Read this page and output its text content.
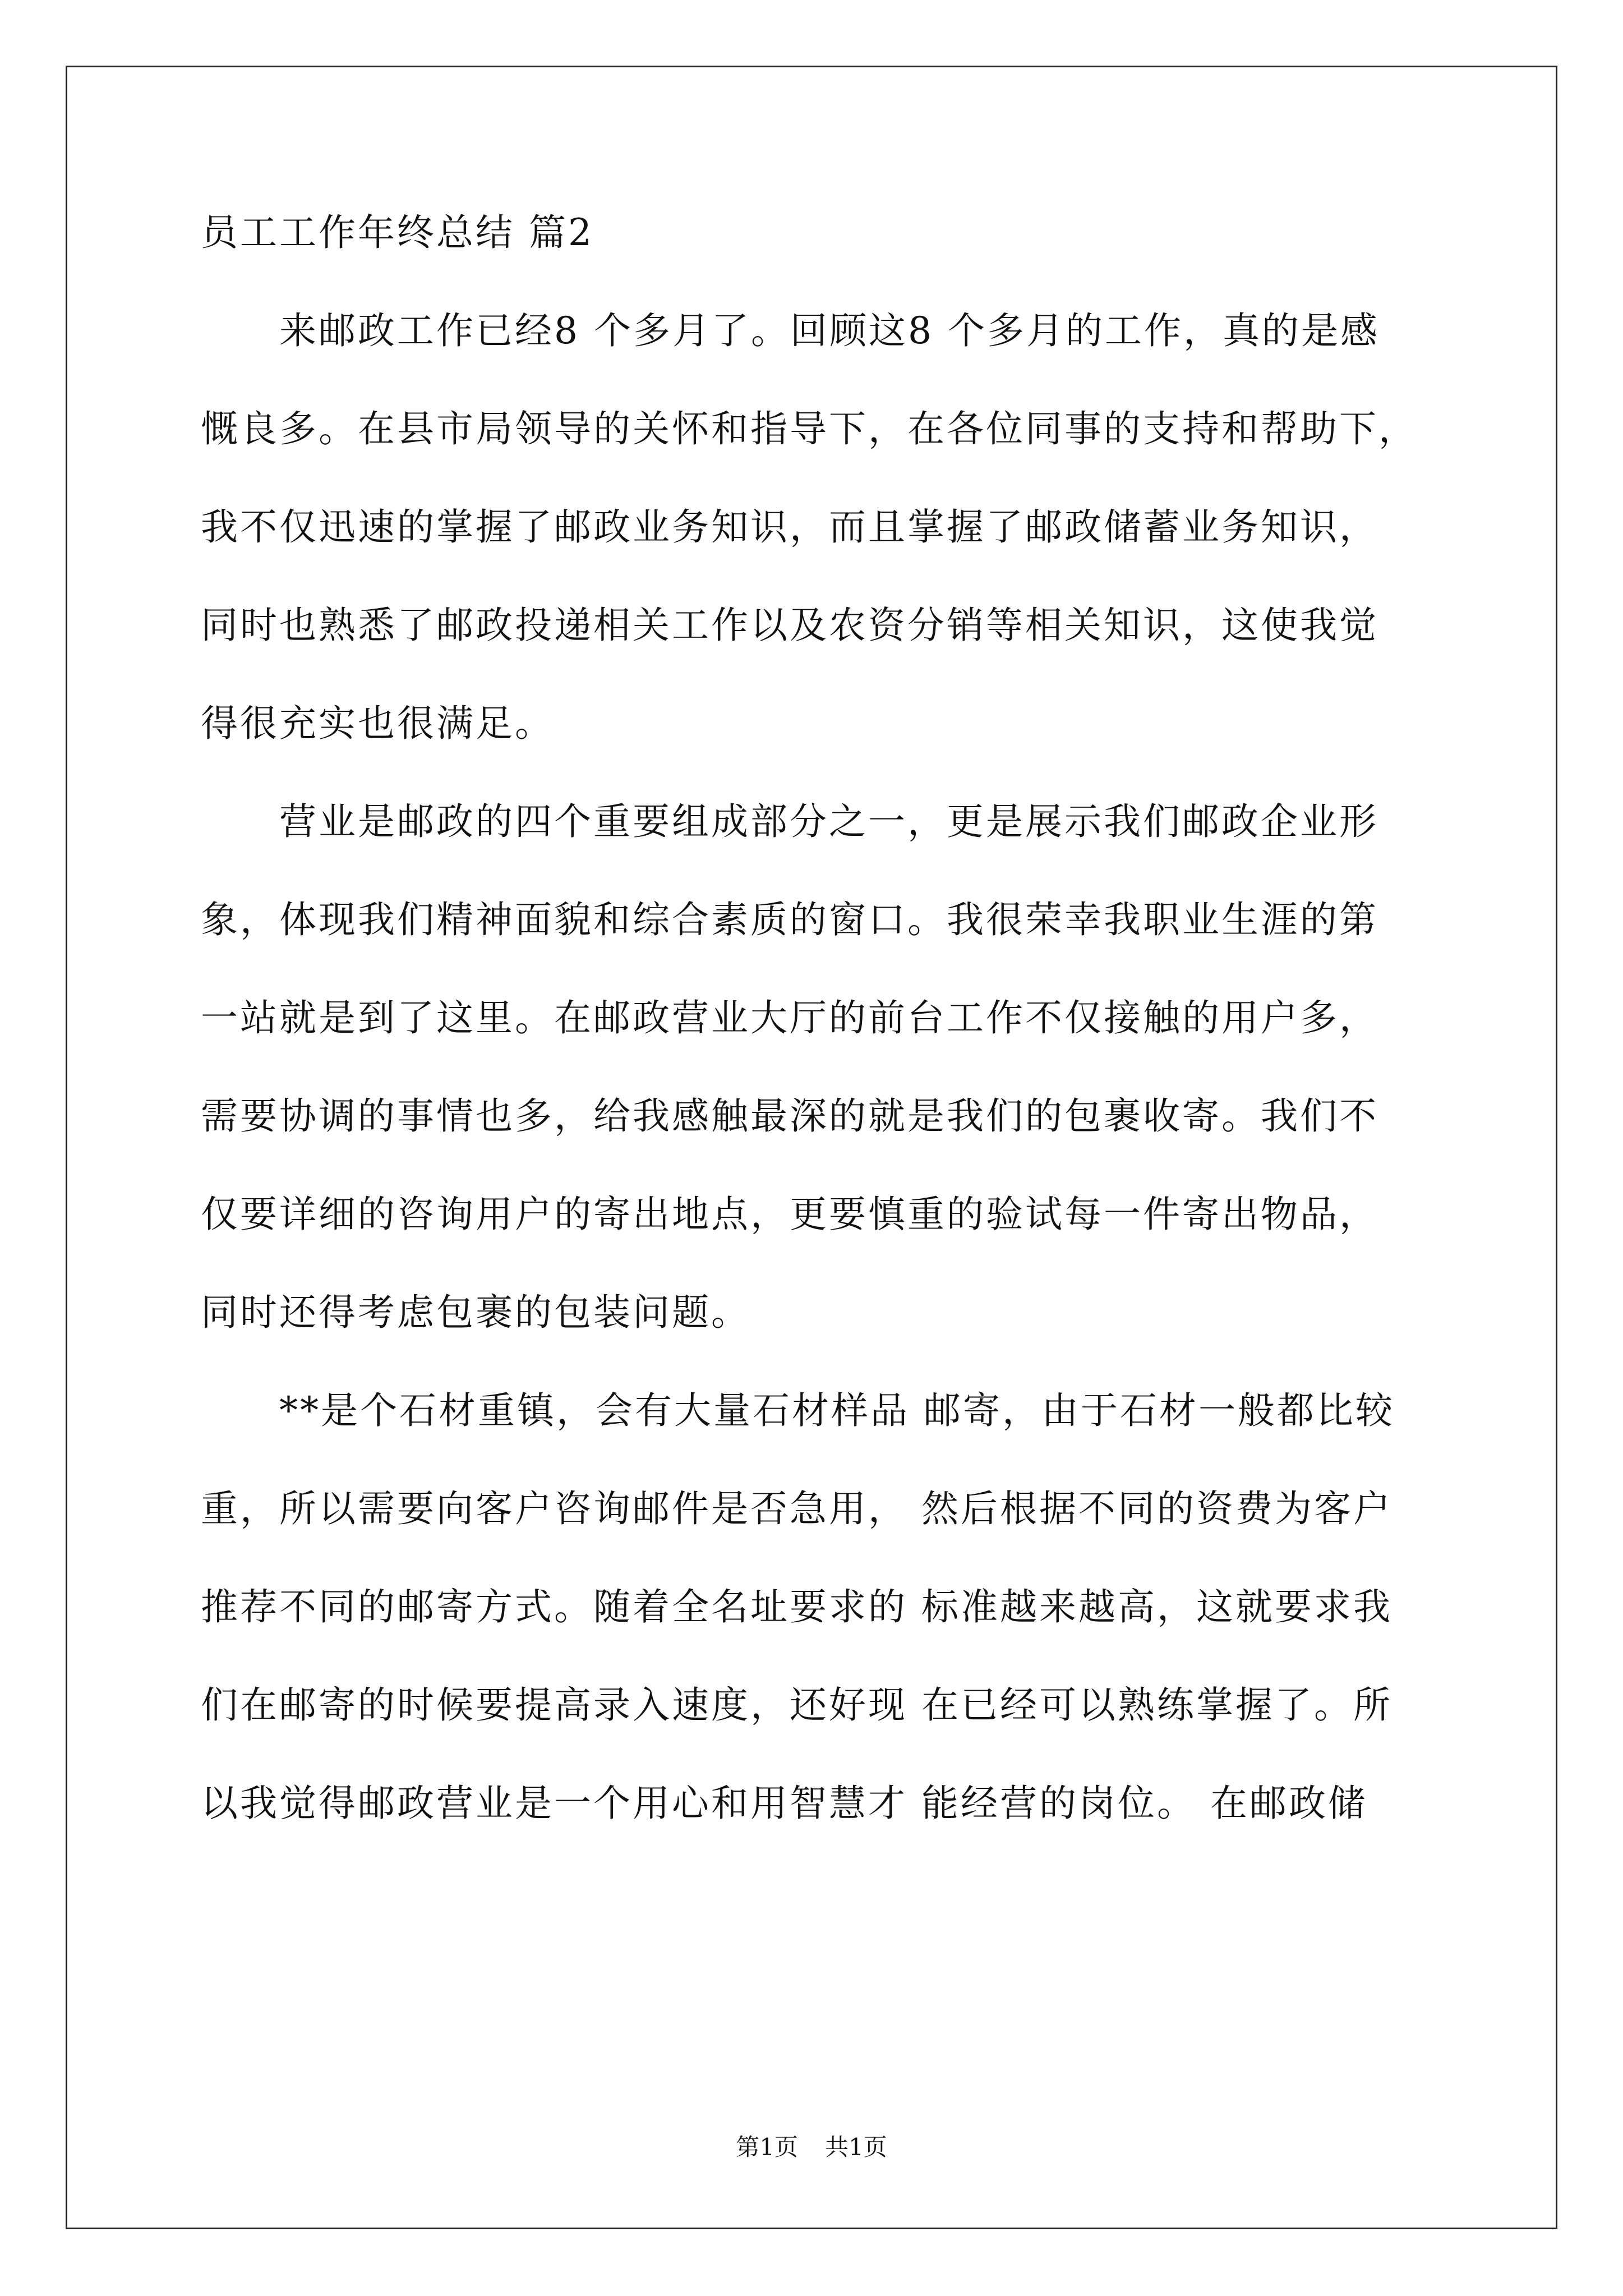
员工工作年终总结 篇2
　　来邮政工作已经8 个多月了。回顾这8 个多月的工作，真的是感
慨良多。在县市局领导的关怀和指导下，在各位同事的支持和帮助下，
我不仅迅速的掌握了邮政业务知识，而且掌握了邮政储蓄业务知识，
同时也熟悉了邮政投递相关工作以及农资分销等相关知识，这使我觉
得很充实也很满足。
　　营业是邮政的四个重要组成部分之一，更是展示我们邮政企业形
象，体现我们精神面貌和综合素质的窗口。我很荣幸我职业生涯的第
一站就是到了这里。在邮政营业大厅的前台工作不仅接触的用户多，
需要协调的事情也多，给我感触最深的就是我们的包裹收寄。我们不
仅要详细的咨询用户的寄出地点，更要慎重的验试每一件寄出物品，
同时还得考虑包裹的包装问题。
　　**是个石材重镇，会有大量石材样品 邮寄，由于石材一般都比较
重，所以需要向客户咨询邮件是否急用， 然后根据不同的资费为客户
推荐不同的邮寄方式。随着全名址要求的 标准越来越高，这就要求我
们在邮寄的时候要提高录入速度，还好现 在已经可以熟练掌握了。所
以我觉得邮政营业是一个用心和用智慧才 能经营的岗位。 在邮政储
第1页 共1页
